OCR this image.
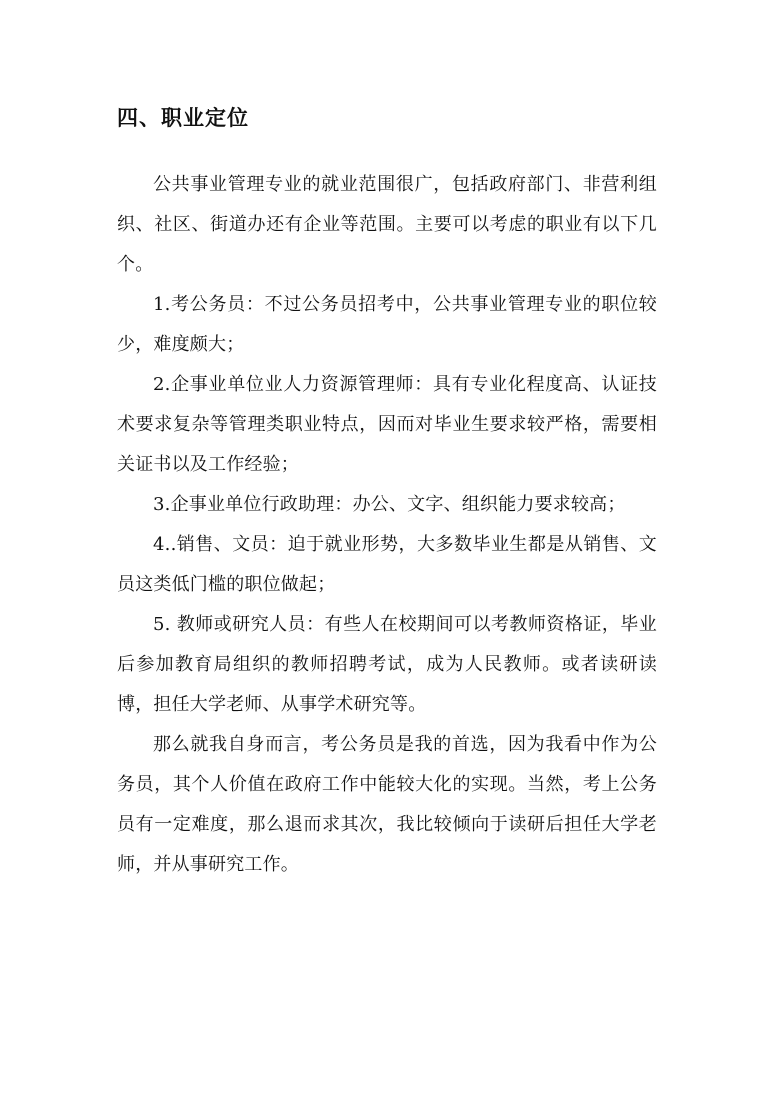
四、职业定位

公共事业管理专业的就业范围很广，包括政府部门、非营利组织、社区、街道办还有企业等范围。主要可以考虑的职业有以下几个。

1.考公务员：不过公务员招考中，公共事业管理专业的职位较少，难度颇大；

2.企事业单位业人力资源管理师：具有专业化程度高、认证技术要求复杂等管理类职业特点，因而对毕业生要求较严格，需要相关证书以及工作经验；

3.企事业单位行政助理：办公、文字、组织能力要求较高；

4..销售、文员：迫于就业形势，大多数毕业生都是从销售、文员这类低门槛的职位做起；

5. 教师或研究人员：有些人在校期间可以考教师资格证，毕业后参加教育局组织的教师招聘考试，成为人民教师。或者读研读博，担任大学老师、从事学术研究等。

那么就我自身而言，考公务员是我的首选，因为我看中作为公务员，其个人价值在政府工作中能较大化的实现。当然，考上公务员有一定难度，那么退而求其次，我比较倾向于读研后担任大学老师，并从事研究工作。
